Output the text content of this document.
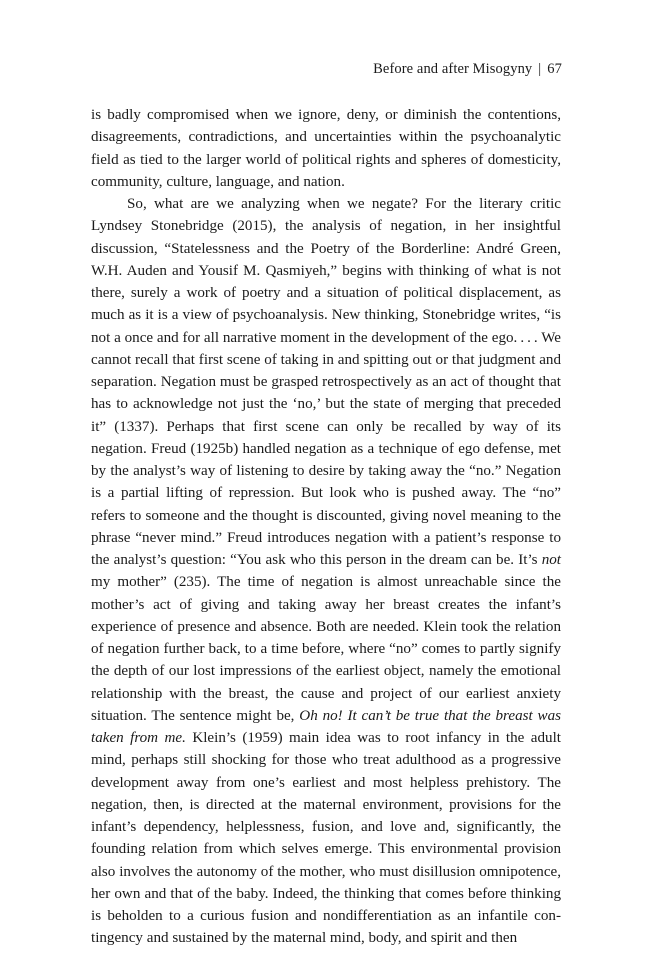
Before and after Misogyny | 67

is badly compromised when we ignore, deny, or diminish the contentions, disagreements, contradictions, and uncertainties within the psychoanalytic field as tied to the larger world of political rights and spheres of domesticity, community, culture, language, and nation.

So, what are we analyzing when we negate? For the literary critic Lyndsey Stonebridge (2015), the analysis of negation, in her insightful discussion, “Statelessness and the Poetry of the Borderline: André Green, W.H. Auden and Yousif M. Qasmiyeh,” begins with thinking of what is not there, surely a work of poetry and a situation of political displacement, as much as it is a view of psychoanalysis. New thinking, Stonebridge writes, “is not a once and for all narrative moment in the development of the ego. . . . We cannot recall that first scene of taking in and spitting out or that judgment and separation. Negation must be grasped retrospectively as an act of thought that has to acknowledge not just the ‘no,’ but the state of merging that preceded it” (1337). Perhaps that first scene can only be recalled by way of its negation. Freud (1925b) handled negation as a technique of ego defense, met by the analyst’s way of listening to desire by taking away the “no.” Negation is a partial lifting of repression. But look who is pushed away. The “no” refers to someone and the thought is discounted, giving novel meaning to the phrase “never mind.” Freud introduces negation with a patient’s response to the analyst’s question: “You ask who this person in the dream can be. It’s not my mother” (235). The time of negation is almost unreachable since the mother’s act of giving and taking away her breast creates the infant’s experience of presence and absence. Both are needed. Klein took the relation of negation further back, to a time before, where “no” comes to partly signify the depth of our lost impressions of the earliest object, namely the emotional relationship with the breast, the cause and project of our earliest anxiety situation. The sentence might be, Oh no! It can’t be true that the breast was taken from me. Klein’s (1959) main idea was to root infancy in the adult mind, perhaps still shocking for those who treat adulthood as a progressive development away from one’s earliest and most helpless prehistory. The negation, then, is directed at the maternal environment, provisions for the infant’s dependency, helplessness, fusion, and love and, significantly, the founding relation from which selves emerge. This environmental provision also involves the autonomy of the mother, who must disillusion omnipotence, her own and that of the baby. Indeed, the thinking that comes before thinking is beholden to a curious fusion and nondifferentiation as an infantile contingency and sustained by the maternal mind, body, and spirit and then
